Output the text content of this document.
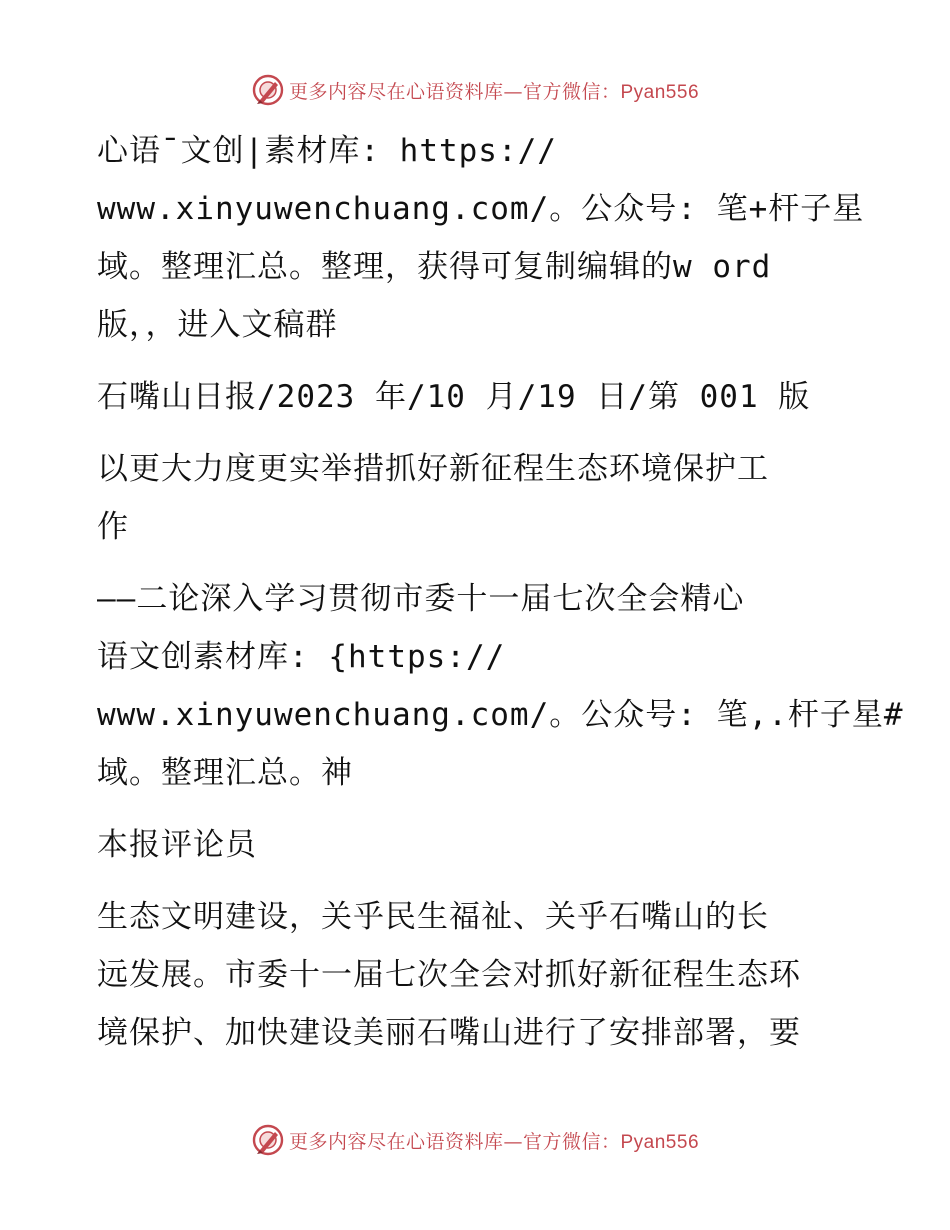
更多内容尽在心语资料库—官方微信：Pyan556

心语¯文创|素材库: https://
www.xinyuwenchuang.com/。公众号: 笔+杆子星
域。整理汇总。整理，获得可复制编辑的w ord
版，，进入文稿群

石嘴山日报/2023 年/10 月/19 日/第 001 版

以更大力度更实举措抓好新征程生态环境保护工
作

——二论深入学习贯彻市委十一届七次全会精心
语文创素材库: {https://
www.xinyuwenchuang.com/。公众号: 笔,.杆子星#
域。整理汇总。神

本报评论员

生态文明建设，关乎民生福祉、关乎石嘴山的长
远发展。市委十一届七次全会对抓好新征程生态环
境保护、加快建设美丽石嘴山进行了安排部署，要

更多内容尽在心语资料库—官方微信：Pyan556
